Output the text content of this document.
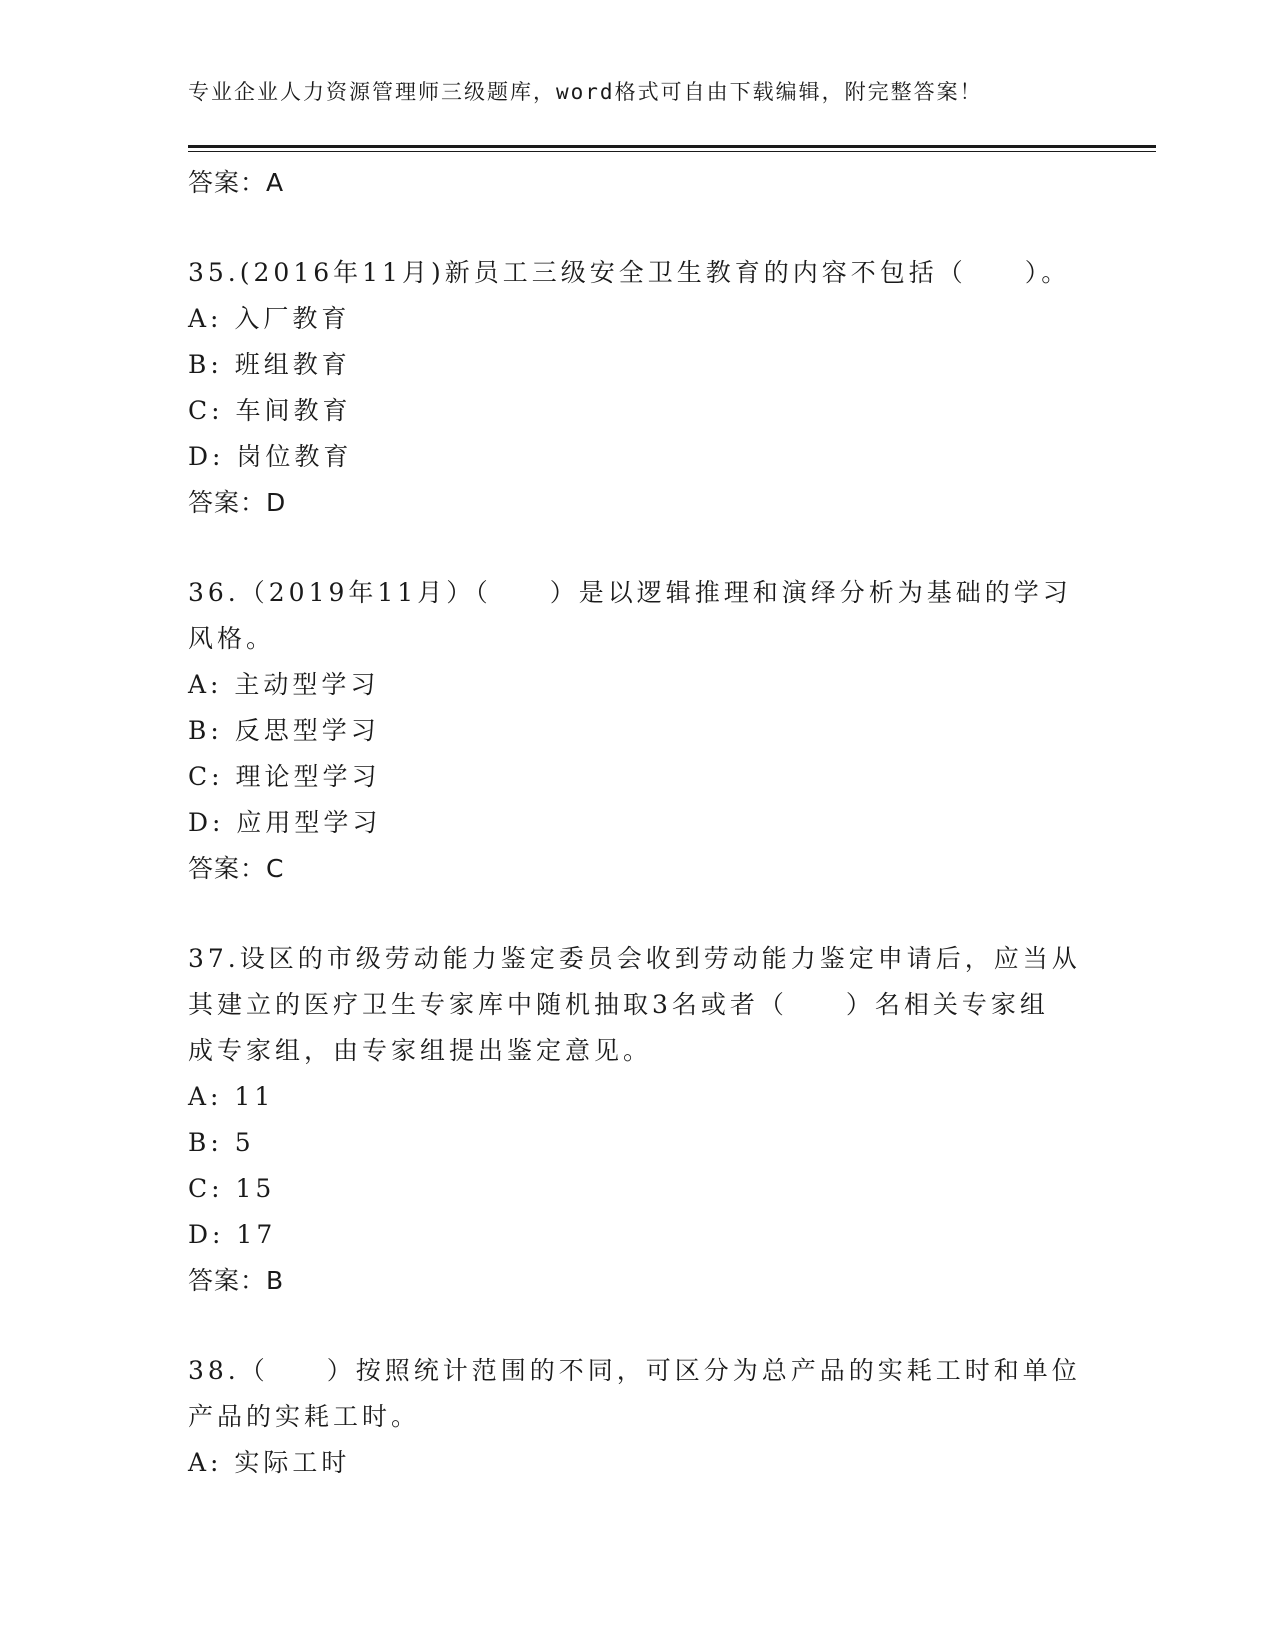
专业企业人力资源管理师三级题库，word格式可自由下载编辑，附完整答案！
答案：A
35.(2016年11月)新员工三级安全卫生教育的内容不包括（　　）。
A: 入厂教育
B: 班组教育
C: 车间教育
D: 岗位教育
答案：D
36.（2019年11月）（　　）是以逻辑推理和演绎分析为基础的学习
风格。
A: 主动型学习
B: 反思型学习
C: 理论型学习
D: 应用型学习
答案：C
37.设区的市级劳动能力鉴定委员会收到劳动能力鉴定申请后，应当从
其建立的医疗卫生专家库中随机抽取3名或者（　　）名相关专家组
成专家组，由专家组提出鉴定意见。
A: 11
B: 5
C: 15
D: 17
答案：B
38.（　　）按照统计范围的不同，可区分为总产品的实耗工时和单位
产品的实耗工时。
A: 实际工时
